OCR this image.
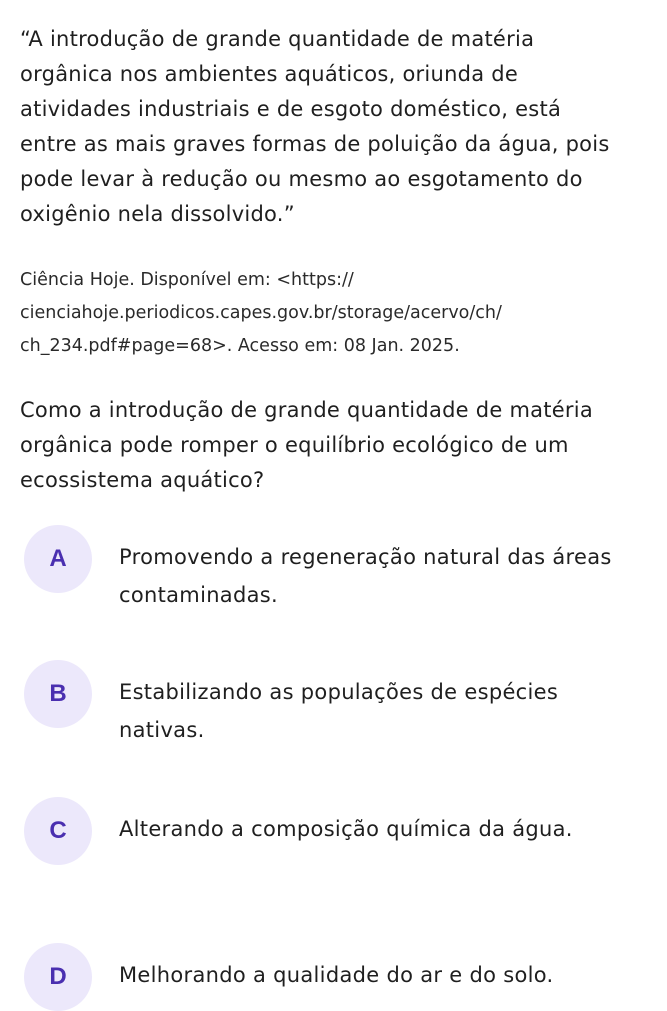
“A introdução de grande quantidade de matéria
orgânica nos ambientes aquáticos, oriunda de
atividades industriais e de esgoto doméstico, está
entre as mais graves formas de poluição da água, pois
pode levar à redução ou mesmo ao esgotamento do
oxigênio nela dissolvido.”

Ciência Hoje. Disponível em: <https://
cienciahoje.periodicos.capes.gov.br/storage/acervo/ch/
ch_234.pdf#page=68>. Acesso em: 08 Jan. 2025.

Como a introdução de grande quantidade de matéria
orgânica pode romper o equilíbrio ecológico de um
ecossistema aquático?

A	Promovendo a regeneração natural das áreas
contaminadas.
B	Estabilizando as populações de espécies
nativas.
C	Alterando a composição química da água.
D	Melhorando a qualidade do ar e do solo.
